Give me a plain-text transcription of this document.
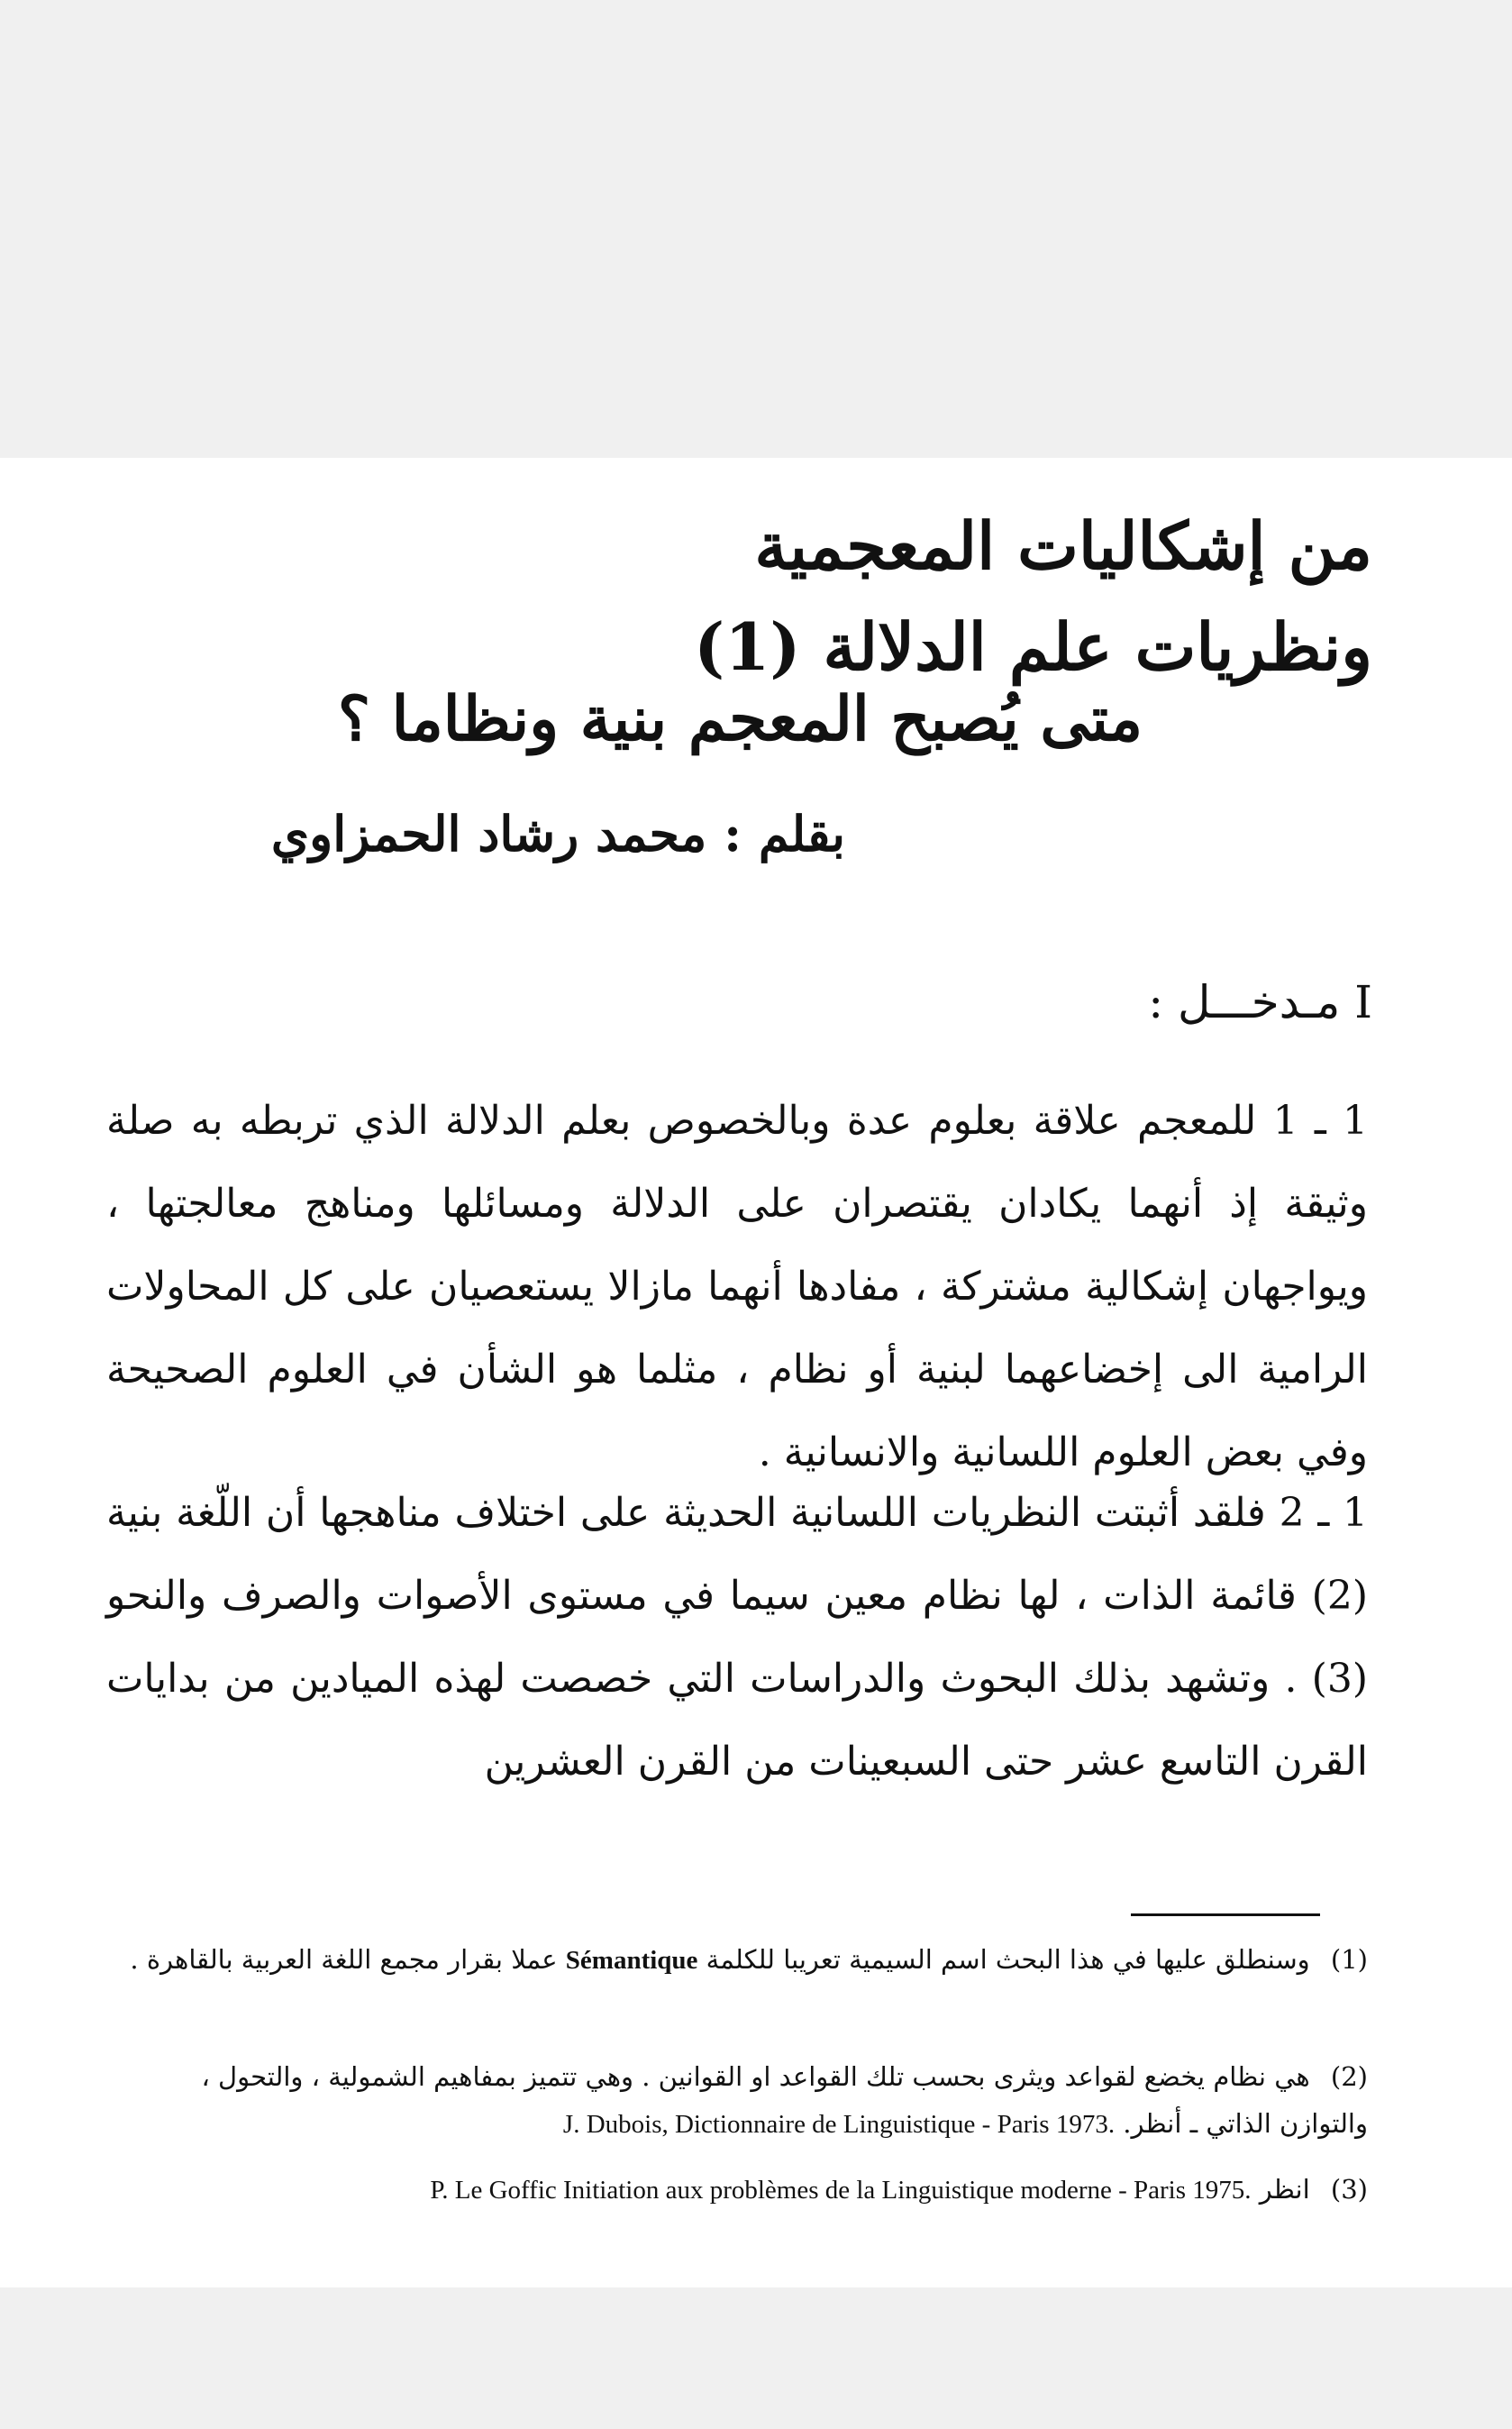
من إشكاليات المعجمية
ونظريات علم الدلالة (1)
متى يُصبح المعجم بنية ونظاما ؟
بقلم : محمد رشاد الحمزاوي
I مـدخـــل :
1 ـ 1 للمعجم علاقة بعلوم عدة وبالخصوص بعلم الدلالة الذي تربطه به صلة وثيقة إذ أنهما يكادان يقتصران على الدلالة ومسائلها ومناهج معالجتها ، ويواجهان إشكالية مشتركة ، مفادها أنهما مازالا يستعصيان على كل المحاولات الرامية الى إخضاعهما لبنية أو نظام ، مثلما هو الشأن في العلوم الصحيحة وفي بعض العلوم اللسانية والانسانية .
1 ـ 2 فلقد أثبتت النظريات اللسانية الحديثة على اختلاف مناهجها أن اللّغة بنية (2) قائمة الذات ، لها نظام معين سيما في مستوى الأصوات والصرف والنحو (3) . وتشهد بذلك البحوث والدراسات التي خصصت لهذه الميادين من بدايات القرن التاسع عشر حتى السبعينات من القرن العشرين
(1) وسنطلق عليها في هذا البحث اسم السيمية تعريبا للكلمة Sémantique عملا بقرار مجمع اللغة العربية بالقاهرة .
(2) هي نظام يخضع لقواعد ويثرى بحسب تلك القواعد او القوانين . وهي تتميز بمفاهيم الشمولية ، والتحول ، والتوازن الذاتي ـ أنظر. J. Dubois, Dictionnaire de Linguistique - Paris 1973.
(3) انظر P. Le Goffic Initiation aux problèmes de la Linguistique moderne - Paris 1975.
